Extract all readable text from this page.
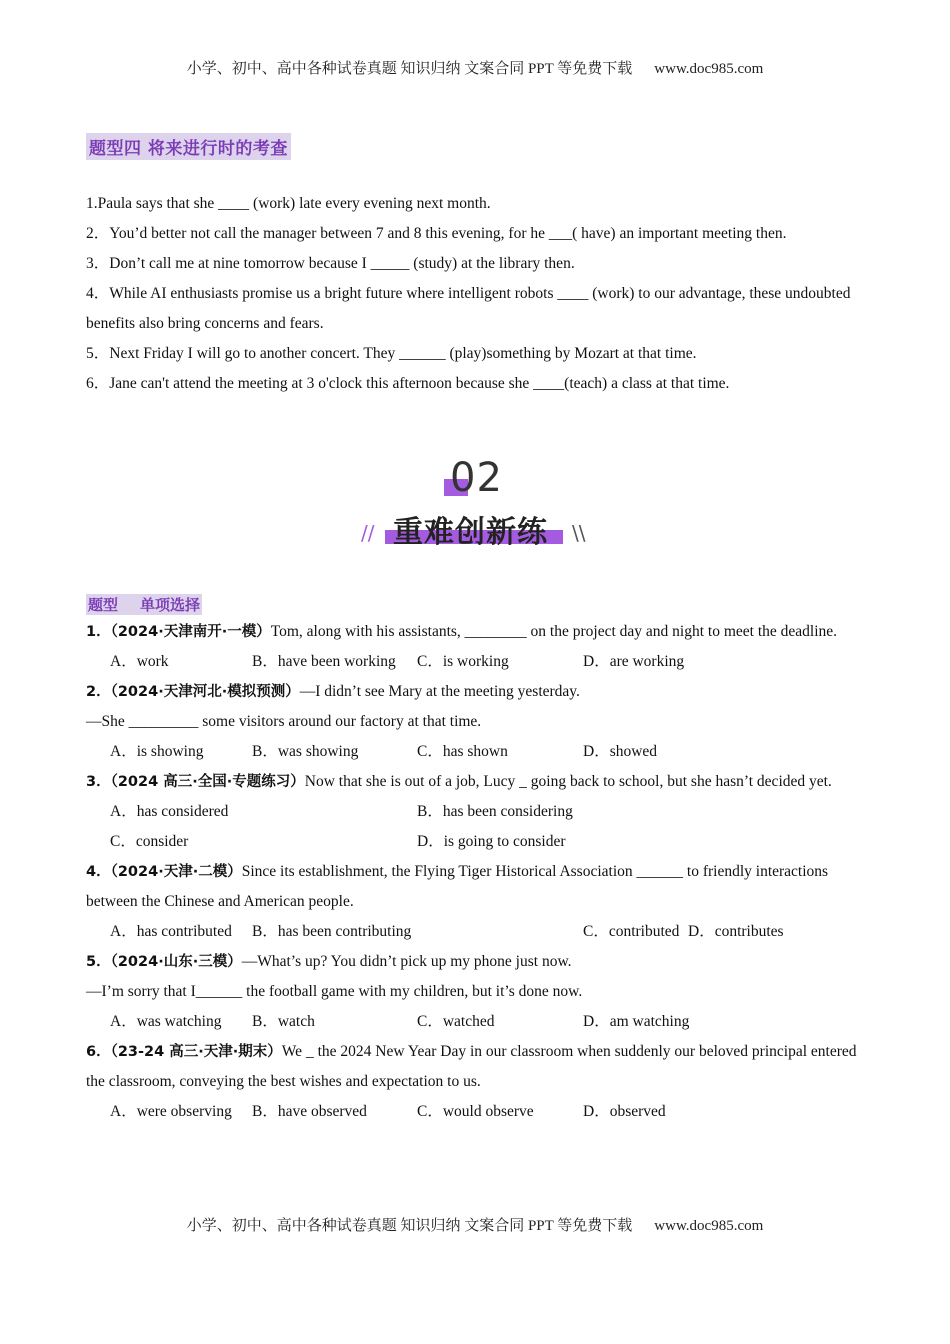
小学、初中、高中各种试卷真题 知识归纳 文案合同 PPT 等免费下载 www.doc985.com
题型四 将来进行时的考查

1.Paula says that she ____ (work) late every evening next month.

2．You’d better not call the manager between 7 and 8 this evening, for he ___( have) an important meeting then.

3．Don’t call me at nine tomorrow because I _____ (study) at the library then.

4．While AI enthusiasts promise us a bright future where intelligent robots ____ (work) to our advantage, these undoubted benefits also bring concerns and fears.

5．Next Friday I will go to another concert. They ______ (play)something by Mozart at that time.

6．Jane can't attend the meeting at 3 o'clock this afternoon because she ____(teach) a class at that time.

02
重难创新练
//	\\
题型 单项选择

1．（2024·天津南开·一模）Tom, along with his assistants, ________ on the project day and night to meet the deadline.

A．work	B．have been working C．is working	D．are working

2．（2024·天津河北·模拟预测）—I didn’t see Mary at the meeting yesterday.

—She _________ some visitors around our factory at that time.

A．is showing	B．was showing	C．has shown	D．showed

3．（2024 高三·全国·专题练习）Now that she is out of a job, Lucy _ going back to school, but she hasn’t decided yet.

A．has considered	B．has been considering
C．consider	D．is going to consider

4．（2024·天津·二模）Since its establishment, the Flying Tiger Historical Association ______ to friendly interactions between the Chinese and American people.

A．has contributed B．has been contributing	C．contributed D．contributes

5．（2024·山东·三模）—What’s up? You didn’t pick up my phone just now.

—I’m sorry that I______ the football game with my children, but it’s done now.

A．was watching B．watch	C．watched	D．am watching

6．（23-24 高三·天津·期末）We _ the 2024 New Year Day in our classroom when suddenly our beloved principal entered the classroom, conveying the best wishes and expectation to us.

A．were observing B．have observed	C．would observe	D．observed
小学、初中、高中各种试卷真题 知识归纳 文案合同 PPT 等免费下载 www.doc985.com
